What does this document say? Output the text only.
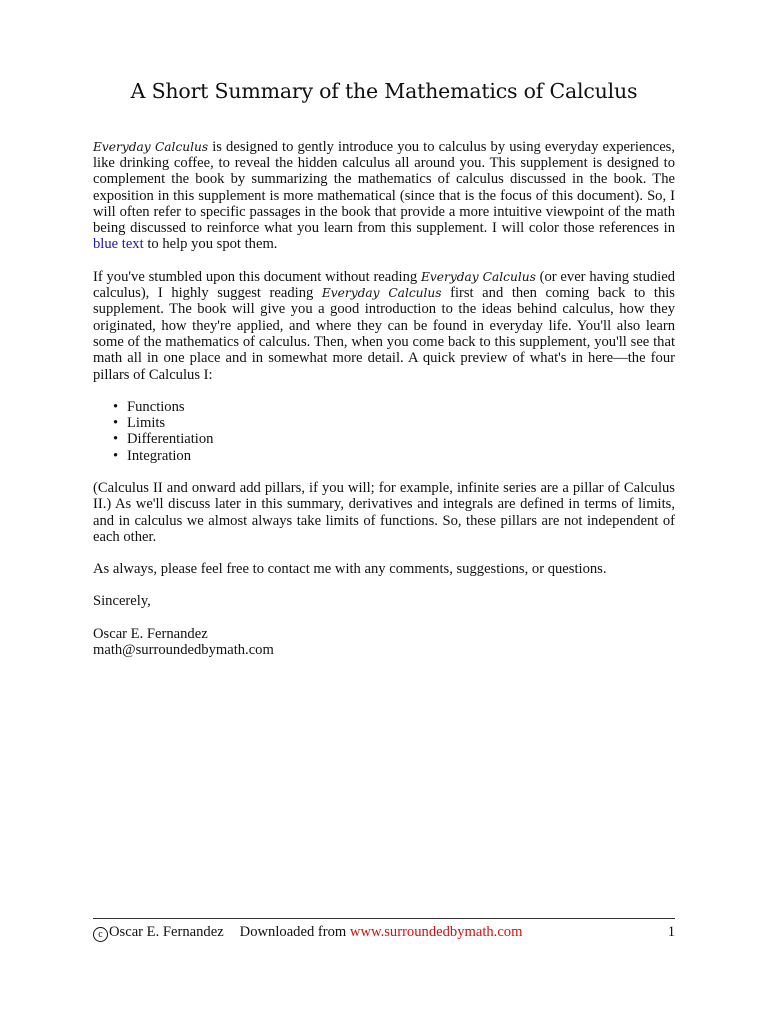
A Short Summary of the Mathematics of Calculus

Everyday Calculus is designed to gently introduce you to calculus by using everyday experiences, like drinking coffee, to reveal the hidden calculus all around you. This supplement is designed to complement the book by summarizing the mathematics of calculus discussed in the book. The exposition in this supplement is more mathematical (since that is the focus of this document). So, I will often refer to specific passages in the book that provide a more intuitive viewpoint of the math being discussed to reinforce what you learn from this supplement. I will color those references in blue text to help you spot them.

If you've stumbled upon this document without reading Everyday Calculus (or ever having studied calculus), I highly suggest reading Everyday Calculus first and then coming back to this supplement. The book will give you a good introduction to the ideas behind calculus, how they originated, how they're applied, and where they can be found in everyday life. You'll also learn some of the mathematics of calculus. Then, when you come back to this supplement, you'll see that math all in one place and in somewhat more detail. A quick preview of what's in here—the four pillars of Calculus I:

• Functions
• Limits
• Differentiation
• Integration

(Calculus II and onward add pillars, if you will; for example, infinite series are a pillar of Calculus II.) As we'll discuss later in this summary, derivatives and integrals are defined in terms of limits, and in calculus we almost always take limits of functions. So, these pillars are not independent of each other.

As always, please feel free to contact me with any comments, suggestions, or questions.

Sincerely,

Oscar E. Fernandez
math@surroundedbymath.com

c Oscar E. Fernandez Downloaded from www.surroundedbymath.com	1
